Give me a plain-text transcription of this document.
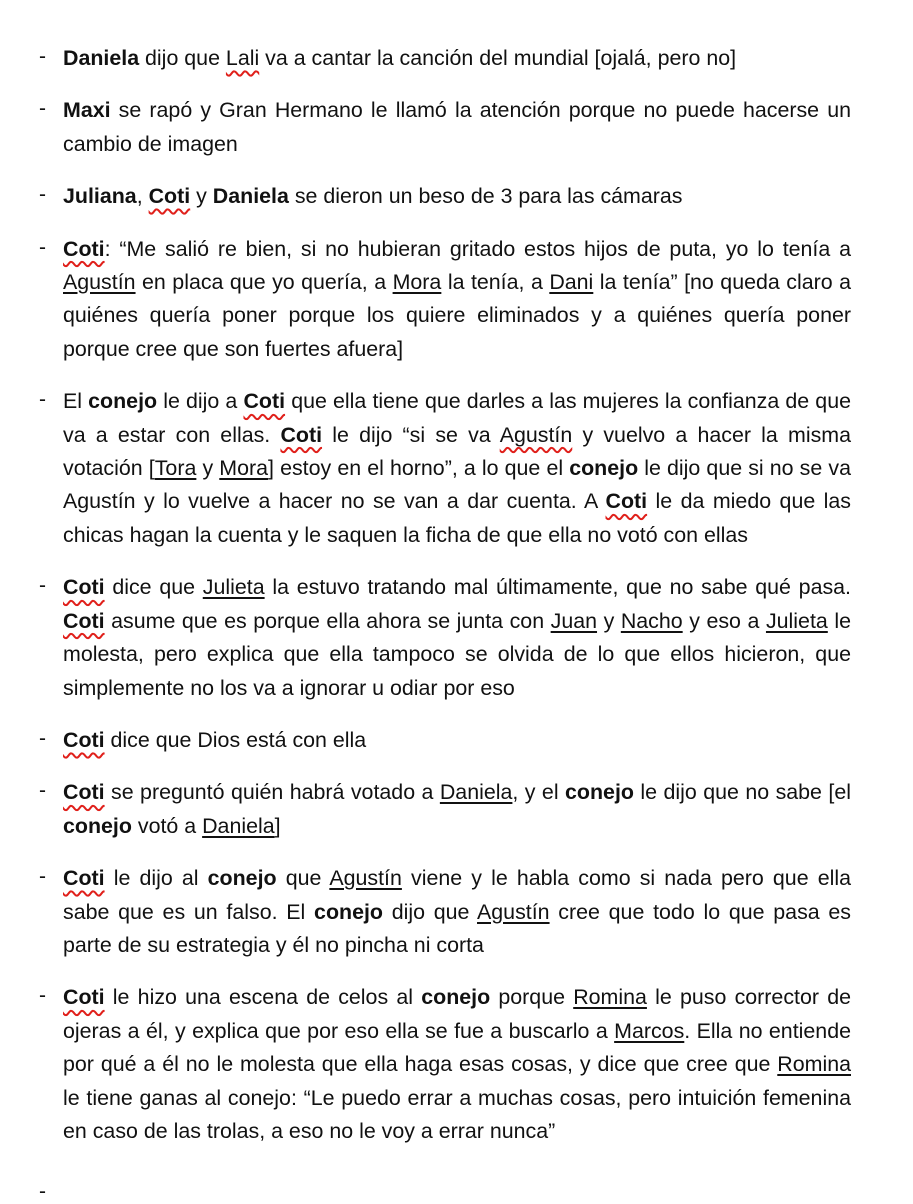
- Daniela dijo que Lali va a cantar la canción del mundial [ojalá, pero no]
- Maxi se rapó y Gran Hermano le llamó la atención porque no puede hacerse un cambio de imagen
- Juliana, Coti y Daniela se dieron un beso de 3 para las cámaras
- Coti: “Me salió re bien, si no hubieran gritado estos hijos de puta, yo lo tenía a Agustín en placa que yo quería, a Mora la tenía, a Dani la tenía” [no queda claro a quiénes quería poner porque los quiere eliminados y a quiénes quería poner porque cree que son fuertes afuera]
- El conejo le dijo a Coti que ella tiene que darles a las mujeres la confianza de que va a estar con ellas. Coti le dijo “si se va Agustín y vuelvo a hacer la misma votación [Tora y Mora] estoy en el horno”, a lo que el conejo le dijo que si no se va Agustín y lo vuelve a hacer no se van a dar cuenta. A Coti le da miedo que las chicas hagan la cuenta y le saquen la ficha de que ella no votó con ellas
- Coti dice que Julieta la estuvo tratando mal últimamente, que no sabe qué pasa. Coti asume que es porque ella ahora se junta con Juan y Nacho y eso a Julieta le molesta, pero explica que ella tampoco se olvida de lo que ellos hicieron, que simplemente no los va a ignorar u odiar por eso
- Coti dice que Dios está con ella
- Coti se preguntó quién habrá votado a Daniela, y el conejo le dijo que no sabe [el conejo votó a Daniela]
- Coti le dijo al conejo que Agustín viene y le habla como si nada pero que ella sabe que es un falso. El conejo dijo que Agustín cree que todo lo que pasa es parte de su estrategia y él no pincha ni corta
- Coti le hizo una escena de celos al conejo porque Romina le puso corrector de ojeras a él, y explica que por eso ella se fue a buscarlo a Marcos. Ella no entiende por qué a él no le molesta que ella haga esas cosas, y dice que cree que Romina le tiene ganas al conejo: “Le puedo errar a muchas cosas, pero intuición femenina en caso de las trolas, a eso no le voy a errar nunca”
-
